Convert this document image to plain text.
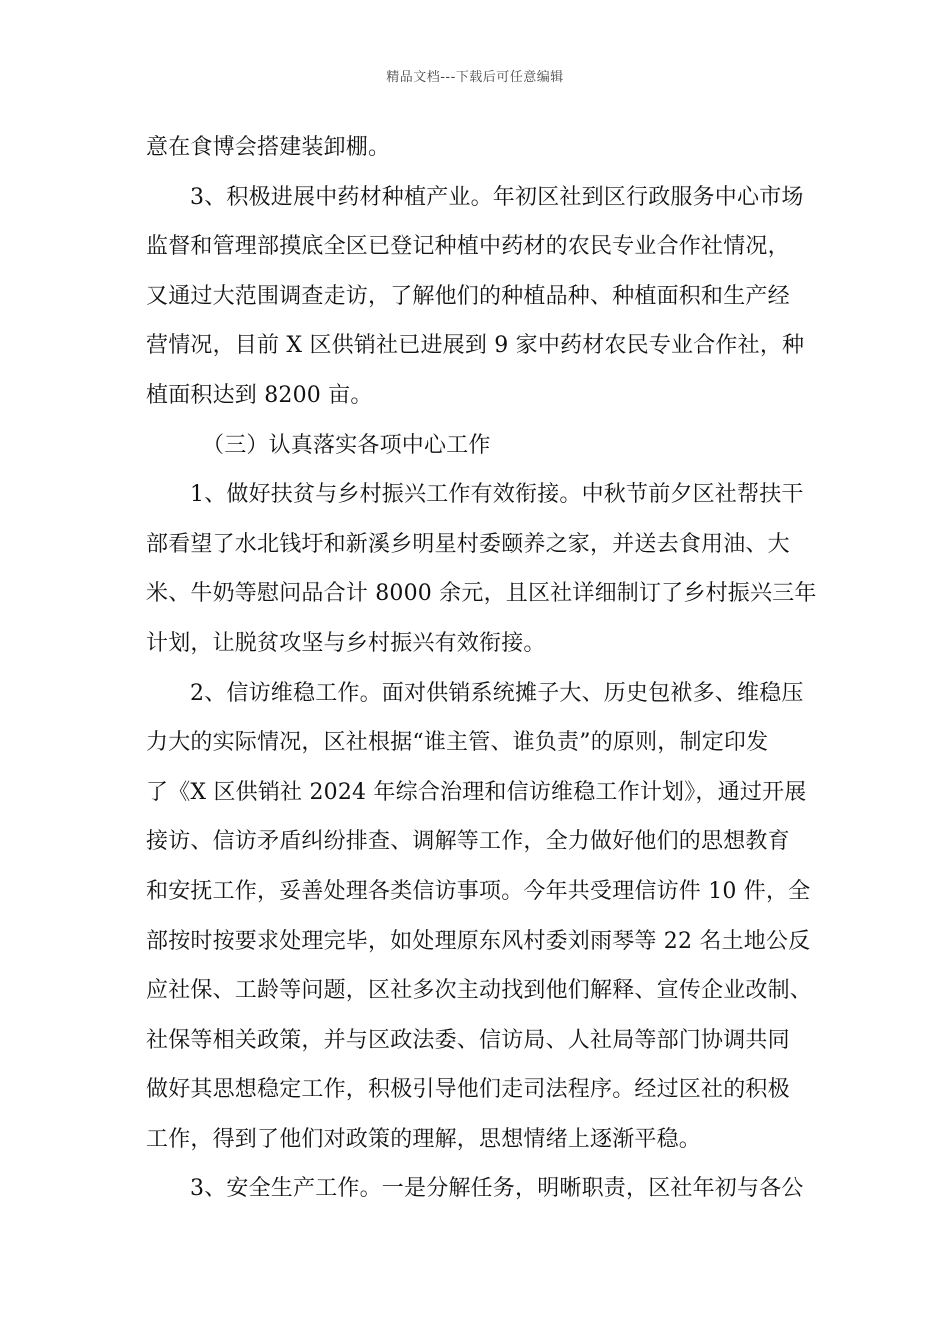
精品文档---下载后可任意编辑
意在食博会搭建装卸棚。
3、积极进展中药材种植产业。年初区社到区行政服务中心市场
监督和管理部摸底全区已登记种植中药材的农民专业合作社情况，
又通过大范围调查走访，了解他们的种植品种、种植面积和生产经
营情况，目前 X 区供销社已进展到 9 家中药材农民专业合作社，种
植面积达到 8200 亩。
（三）认真落实各项中心工作
1、做好扶贫与乡村振兴工作有效衔接。中秋节前夕区社帮扶干
部看望了水北钱圩和新溪乡明星村委颐养之家，并送去食用油、大
米、牛奶等慰问品合计 8000 余元，且区社详细制订了乡村振兴三年
计划，让脱贫攻坚与乡村振兴有效衔接。
2、信访维稳工作。面对供销系统摊子大、历史包袱多、维稳压
力大的实际情况，区社根据“谁主管、谁负责”的原则，制定印发
了《X 区供销社 2024 年综合治理和信访维稳工作计划》，通过开展
接访、信访矛盾纠纷排查、调解等工作，全力做好他们的思想教育
和安抚工作，妥善处理各类信访事项。今年共受理信访件 10 件，全
部按时按要求处理完毕，如处理原东风村委刘雨琴等 22 名土地公反
应社保、工龄等问题，区社多次主动找到他们解释、宣传企业改制、
社保等相关政策，并与区政法委、信访局、人社局等部门协调共同
做好其思想稳定工作，积极引导他们走司法程序。经过区社的积极
工作，得到了他们对政策的理解，思想情绪上逐渐平稳。
3、安全生产工作。一是分解任务，明晰职责，区社年初与各公
